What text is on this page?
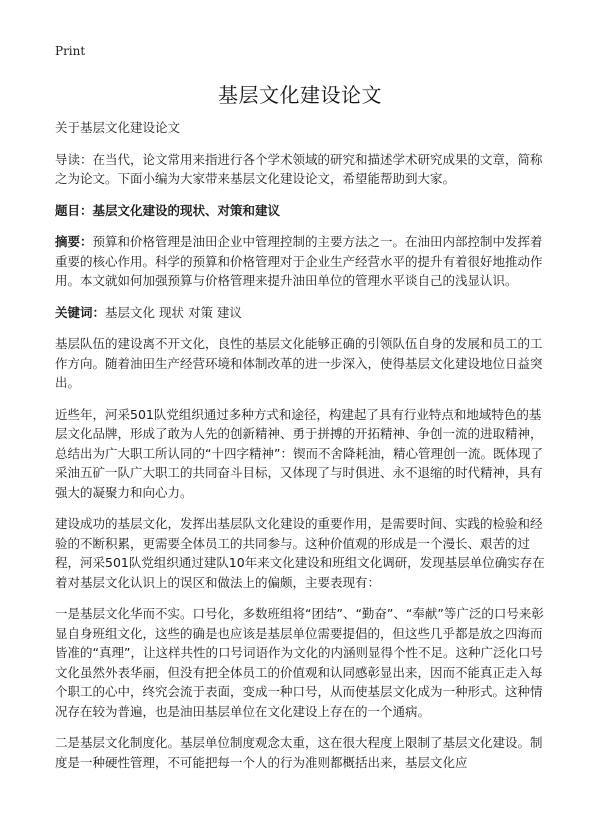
Print
基层文化建设论文

关于基层文化建设论文

导读：在当代，论文常用来指进行各个学术领域的研究和描述学术研究成果的文章，简称之为论文。下面小编为大家带来基层文化建设论文，希望能帮助到大家。

题目：基层文化建设的现状、对策和建议

摘要：预算和价格管理是油田企业中管理控制的主要方法之一。在油田内部控制中发挥着重要的核心作用。科学的预算和价格管理对于企业生产经营水平的提升有着很好地推动作用。本文就如何加强预算与价格管理来提升油田单位的管理水平谈自己的浅显认识。

关键词：基层文化 现状 对策 建议

基层队伍的建设离不开文化，良性的基层文化能够正确的引领队伍自身的发展和员工的工作方向。随着油田生产经营环境和体制改革的进一步深入，使得基层文化建设地位日益突出。

近些年，河采501队党组织通过多种方式和途径，构建起了具有行业特点和地域特色的基层文化品牌，形成了敢为人先的创新精神、勇于拼搏的开拓精神、争创一流的进取精神，总结出为广大职工所认同的“十四字精神”：锲而不舍降耗油，精心管理创一流。既体现了采油五矿一队广大职工的共同奋斗目标，又体现了与时俱进、永不退缩的时代精神，具有强大的凝聚力和向心力。

建设成功的基层文化，发挥出基层队文化建设的重要作用，是需要时间、实践的检验和经验的不断积累，更需要全体员工的共同参与。这种价值观的形成是一个漫长、艰苦的过程，河采501队党组织通过建队10年来文化建设和班组文化调研，发现基层单位确实存在着对基层文化认识上的误区和做法上的偏颇，主要表现有：

一是基层文化华而不实。口号化，多数班组将“团结”、“勤奋”、“奉献”等广泛的口号来彰显自身班组文化，这些的确是也应该是基层单位需要提倡的，但这些几乎都是放之四海而皆准的“真理”，让这样共性的口号词语作为文化的内涵则显得个性不足。这种广泛化口号文化虽然外表华丽，但没有把全体员工的价值观和认同感彰显出来，因而不能真正走入每个职工的心中，终究会流于表面，变成一种口号，从而使基层文化成为一种形式。这种情况存在较为普遍，也是油田基层单位在文化建设上存在的一个通病。

二是基层文化制度化。基层单位制度观念太重，这在很大程度上限制了基层文化建设。制度是一种硬性管理，不可能把每一个人的行为准则都概括出来，基层文化应
